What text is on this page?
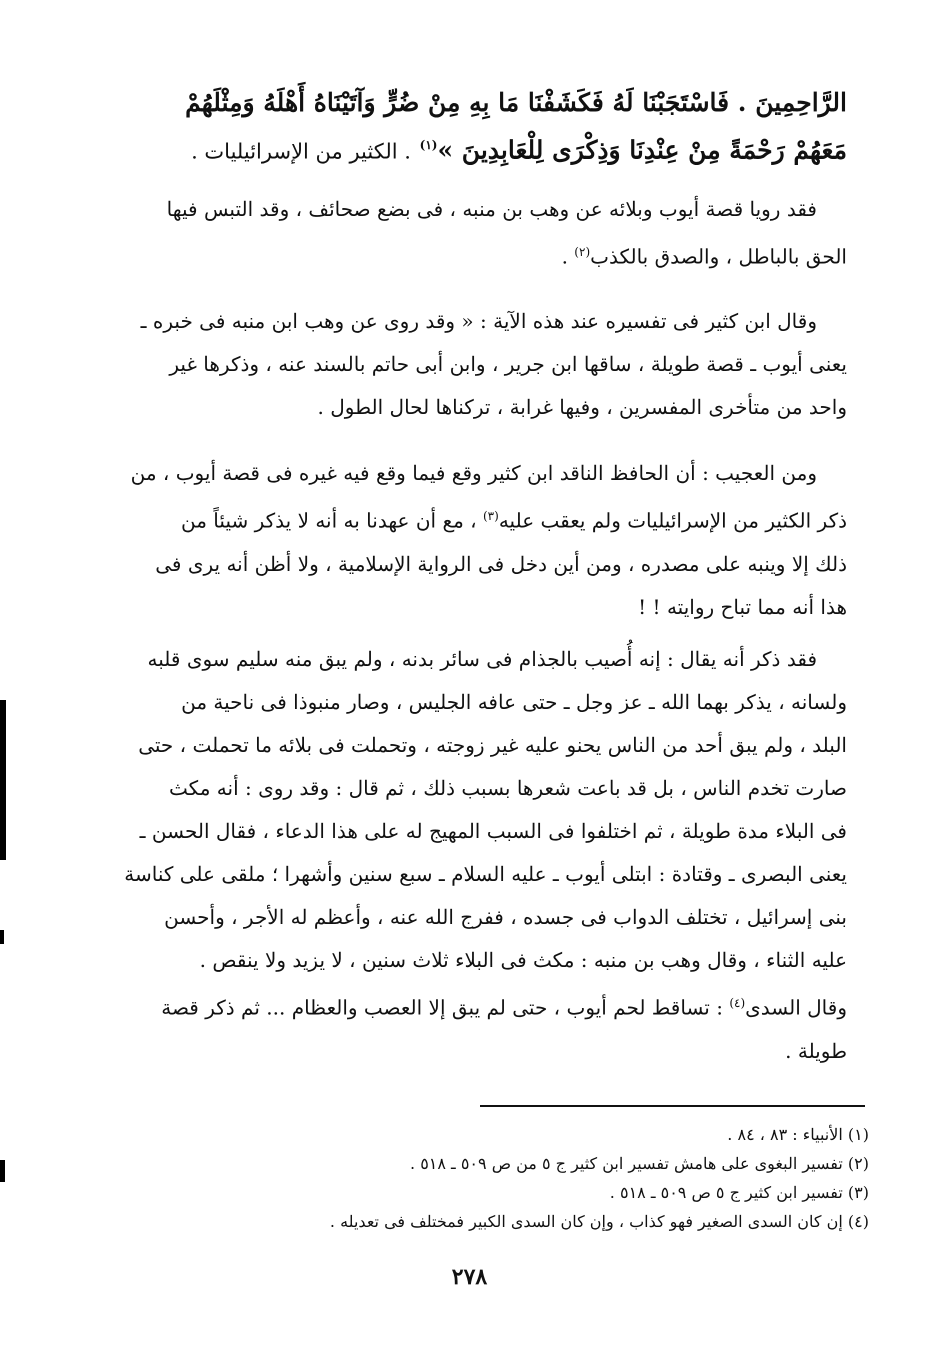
الرَّاحِمِينَ . فَاسْتَجَبْنَا لَهُ فَكَشَفْنَا مَا بِهِ مِنْ ضُرٍّ وَآتَيْنَاهُ أَهْلَهُ وَمِثْلَهُمْ
مَعَهُمْ رَحْمَةً مِنْ عِنْدِنَا وَذِكْرَى لِلْعَابِدِينَ »$^{(١)}$ . الكثير من الإسرائيليات .
فقد رويا قصة أيوب وبلائه عن وهب بن منبه ، فى بضع صحائف ، وقد التبس فيها
الحق بالباطل ، والصدق بالكذب$^{(٢)}$ .
وقال ابن كثير فى تفسيره عند هذه الآية : « وقد روى عن وهب ابن منبه فى خبره ـ
يعنى أيوب ـ قصة طويلة ، ساقها ابن جرير ، وابن أبى حاتم بالسند عنه ، وذكرها غير
واحد من متأخرى المفسرين ، وفيها غرابة ، تركناها لحال الطول .
ومن العجيب : أن الحافظ الناقد ابن كثير وقع فيما وقع فيه غيره فى قصة أيوب ، من
ذكر الكثير من الإسرائيليات ولم يعقب عليه$^{(٣)}$ ، مع أن عهدنا به أنه لا يذكر شيئاً من
ذلك إلا وينبه على مصدره ، ومن أين دخل فى الرواية الإسلامية ، ولا أظن أنه يرى فى
هذا أنه مما تباح روايته ! !
فقد ذكر أنه يقال : إنه أُصيب بالجذام فى سائر بدنه ، ولم يبق منه سليم سوى قلبه
ولسانه ، يذكر بهما الله ـ عز وجل ـ حتى عافه الجليس ، وصار منبوذا فى ناحية من
البلد ، ولم يبق أحد من الناس يحنو عليه غير زوجته ، وتحملت فى بلائه ما تحملت ، حتى
صارت تخدم الناس ، بل قد باعت شعرها بسبب ذلك ، ثم قال : وقد روى : أنه مكث
فى البلاء مدة طويلة ، ثم اختلفوا فى السبب المهيج له على هذا الدعاء ، فقال الحسن ـ
يعنى البصرى ـ وقتادة : ابتلى أيوب ـ عليه السلام ـ سبع سنين وأشهرا ؛ ملقى على كناسة
بنى إسرائيل ، تختلف الدواب فى جسده ، ففرج الله عنه ، وأعظم له الأجر ، وأحسن
عليه الثناء ، وقال وهب بن منبه : مكث فى البلاء ثلاث سنين ، لا يزيد ولا ينقص .
وقال السدى$^{(٤)}$ : تساقط لحم أيوب ، حتى لم يبق إلا العصب والعظام ... ثم ذكر قصة
طويلة .
(١) الأنبياء : ٨٣ ، ٨٤ .
(٢) تفسير البغوى على هامش تفسير ابن كثير ج ٥ من ص ٥٠٩ ـ ٥١٨ .
(٣) تفسير ابن كثير ج ٥ ص ٥٠٩ ـ ٥١٨ .
(٤) إن كان السدى الصغير فهو كذاب ، وإن كان السدى الكبير فمختلف فى تعديله .
٢٧٨
